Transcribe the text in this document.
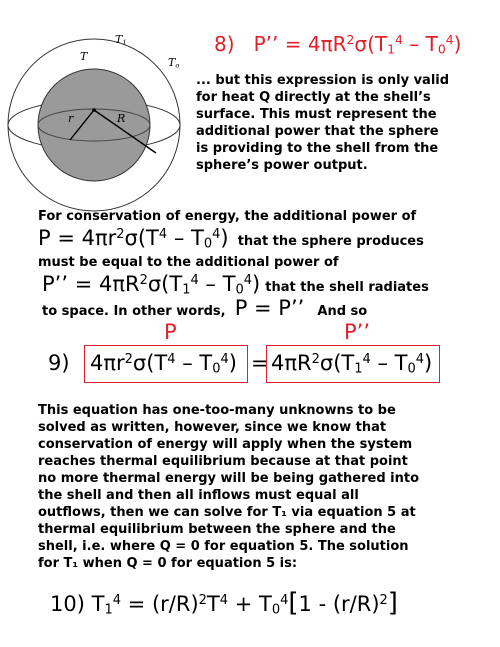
$T_1$
T	$T_o$
r	R
8) P’’ = $4\pi R^2\sigma(T_1^4 - T_0^4)$
... but this expression is only valid
for heat Q directly at the shell’s
surface. This must represent the
additional power that the sphere
is providing to the shell from the
sphere’s power output.
For conservation of energy, the additional power of
$P = 4\pi r^2\sigma(T^4 - T_0^4)$ that the sphere produces
must be equal to the additional power of
P’’ = $4\pi R^2\sigma(T_1^4 - T_0^4)$ that the shell radiates
to space. In other words, P = P’’ And so
P	P’’
9) $4\pi r^2\sigma(T^4 - T_0^4) = 4\pi R^2\sigma(T_1^4 - T_0^4)$
This equation has one-too-many unknowns to be
solved as written, however, since we know that
conservation of energy will apply when the system
reaches thermal equilibrium because at that point
no more thermal energy will be being gathered into
the shell and then all inflows must equal all
outflows, then we can solve for T₁ via equation 5 at
thermal equilibrium between the sphere and the
shell, i.e. where Q = 0 for equation 5. The solution
for T₁ when Q = 0 for equation 5 is:
10) $T_1^4 = (r/R)^2T^4 + T_0^4[1 - (r/R)^2]$
